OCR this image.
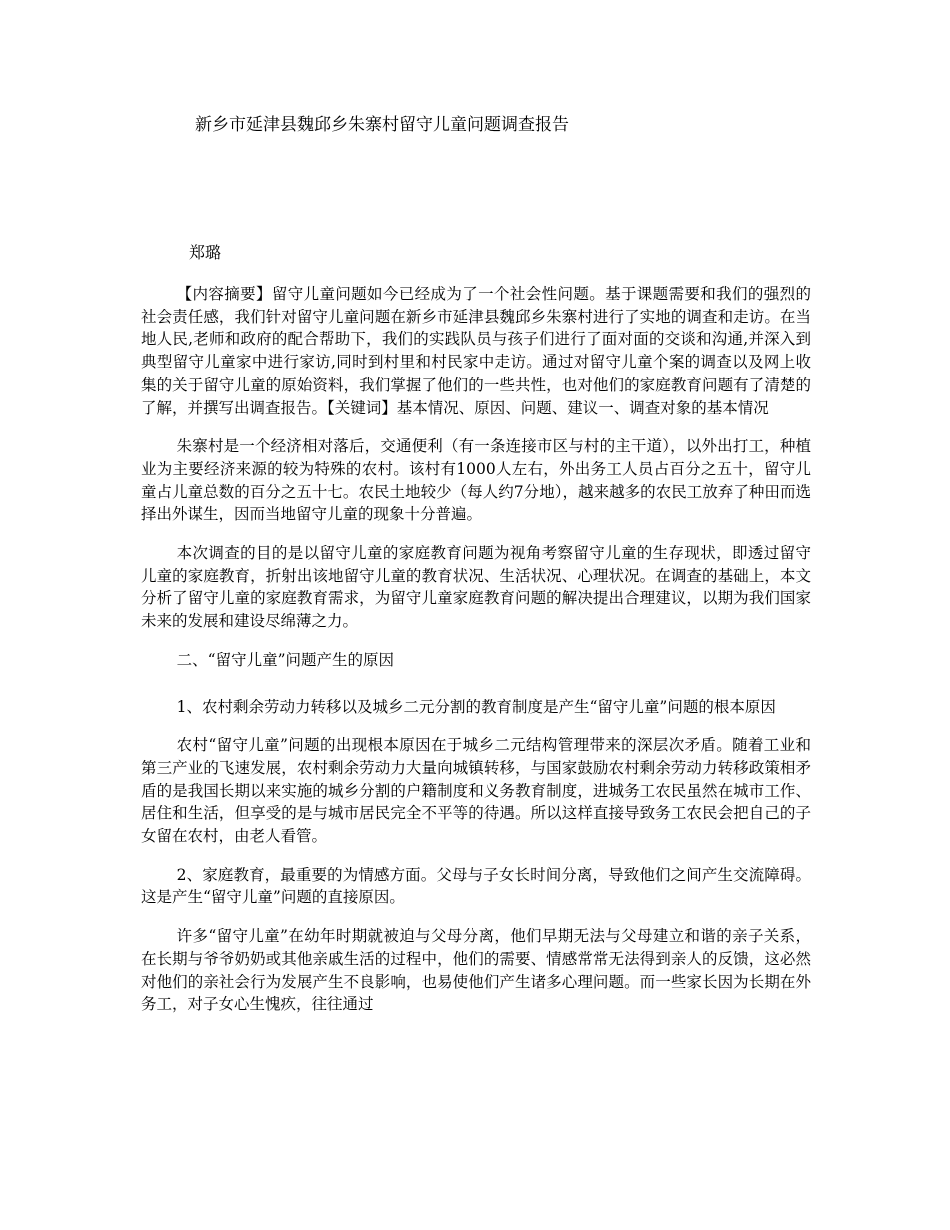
新乡市延津县魏邱乡朱寨村留守儿童问题调查报告
郑璐

【内容摘要】留守儿童问题如今已经成为了一个社会性问题。基于课题需要和我们的强烈的社会责任感，我们针对留守儿童问题在新乡市延津县魏邱乡朱寨村进行了实地的调查和走访。在当地人民,老师和政府的配合帮助下，我们的实践队员与孩子们进行了面对面的交谈和沟通,并深入到典型留守儿童家中进行家访,同时到村里和村民家中走访。通过对留守儿童个案的调查以及网上收集的关于留守儿童的原始资料，我们掌握了他们的一些共性，也对他们的家庭教育问题有了清楚的了解，并撰写出调查报告。【关键词】基本情况、原因、问题、建议一、调查对象的基本情况

朱寨村是一个经济相对落后，交通便利（有一条连接市区与村的主干道），以外出打工，种植业为主要经济来源的较为特殊的农村。该村有1000人左右，外出务工人员占百分之五十，留守儿童占儿童总数的百分之五十七。农民土地较少（每人约7分地），越来越多的农民工放弃了种田而选择出外谋生，因而当地留守儿童的现象十分普遍。

本次调查的目的是以留守儿童的家庭教育问题为视角考察留守儿童的生存现状，即透过留守儿童的家庭教育，折射出该地留守儿童的教育状况、生活状况、心理状况。在调查的基础上，本文分析了留守儿童的家庭教育需求，为留守儿童家庭教育问题的解决提出合理建议，以期为我们国家未来的发展和建设尽绵薄之力。

二、“留守儿童”问题产生的原因

1、农村剩余劳动力转移以及城乡二元分割的教育制度是产生“留守儿童”问题的根本原因

农村“留守儿童”问题的出现根本原因在于城乡二元结构管理带来的深层次矛盾。随着工业和第三产业的飞速发展，农村剩余劳动力大量向城镇转移，与国家鼓励农村剩余劳动力转移政策相矛盾的是我国长期以来实施的城乡分割的户籍制度和义务教育制度，进城务工农民虽然在城市工作、居住和生活，但享受的是与城市居民完全不平等的待遇。所以这样直接导致务工农民会把自己的子女留在农村，由老人看管。

2、家庭教育，最重要的为情感方面。父母与子女长时间分离，导致他们之间产生交流障碍。这是产生“留守儿童”问题的直接原因。

许多“留守儿童”在幼年时期就被迫与父母分离，他们早期无法与父母建立和谐的亲子关系，在长期与爷爷奶奶或其他亲戚生活的过程中，他们的需要、情感常常无法得到亲人的反馈，这必然对他们的亲社会行为发展产生不良影响，也易使他们产生诸多心理问题。而一些家长因为长期在外务工，对子女心生愧疚，往往通过
